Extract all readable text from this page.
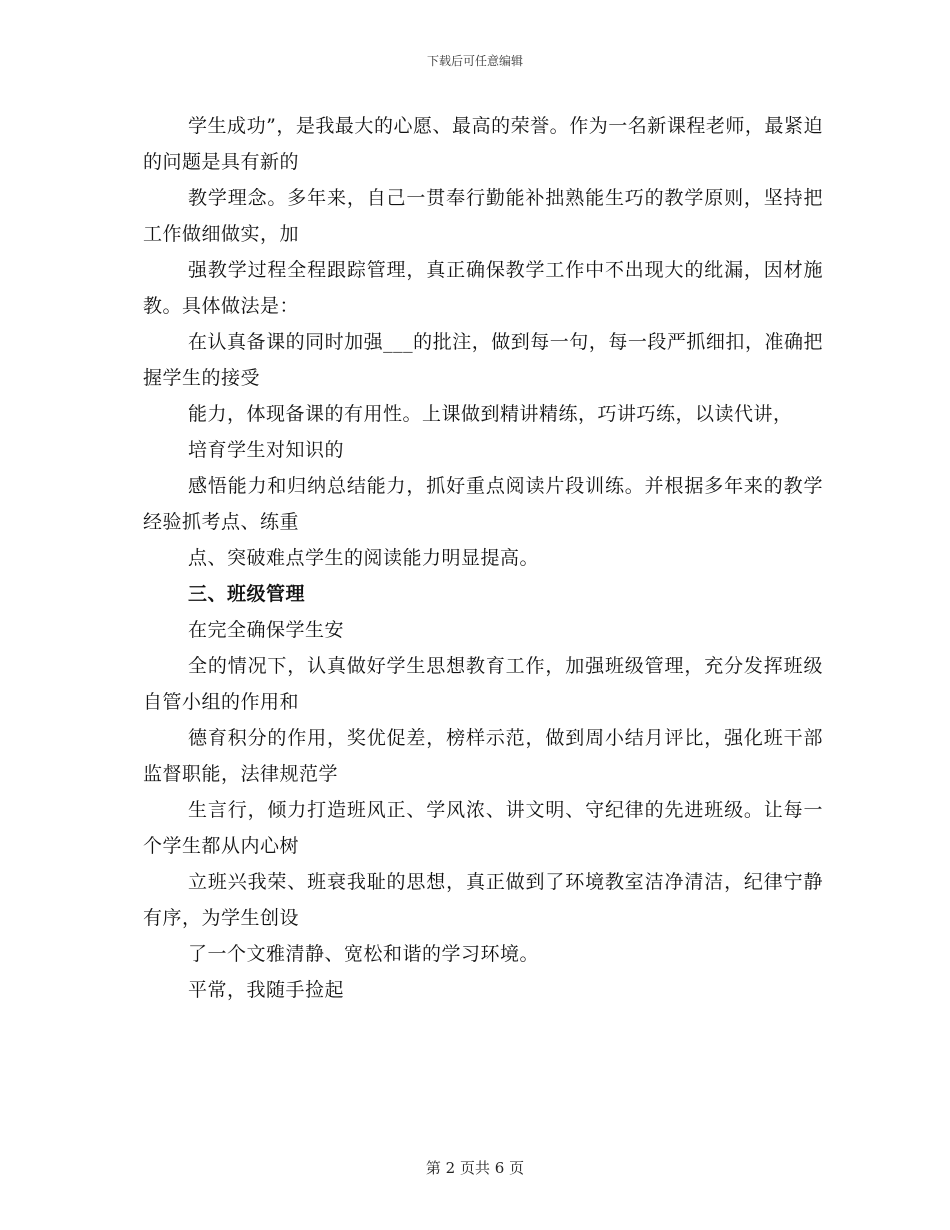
下载后可任意编辑

学生成功”，是我最大的心愿、最高的荣誉。作为一名新课程老师，最紧迫的问题是具有新的

教学理念。多年来，自己一贯奉行勤能补拙熟能生巧的教学原则，坚持把工作做细做实，加

强教学过程全程跟踪管理，真正确保教学工作中不出现大的纰漏，因材施教。具体做法是：

在认真备课的同时加强___的批注，做到每一句，每一段严抓细扣，准确把握学生的接受

能力，体现备课的有用性。上课做到精讲精练，巧讲巧练，以读代讲，

培育学生对知识的

感悟能力和归纳总结能力，抓好重点阅读片段训练。并根据多年来的教学经验抓考点、练重

点、突破难点学生的阅读能力明显提高。

三、班级管理

在完全确保学生安

全的情况下，认真做好学生思想教育工作，加强班级管理，充分发挥班级自管小组的作用和

德育积分的作用，奖优促差，榜样示范，做到周小结月评比，强化班干部监督职能，法律规范学

生言行，倾力打造班风正、学风浓、讲文明、守纪律的先进班级。让每一个学生都从内心树

立班兴我荣、班衰我耻的思想，真正做到了环境教室洁净清洁，纪律宁静有序，为学生创设

了一个文雅清静、宽松和谐的学习环境。

平常，我随手捡起

第 2 页共 6 页
